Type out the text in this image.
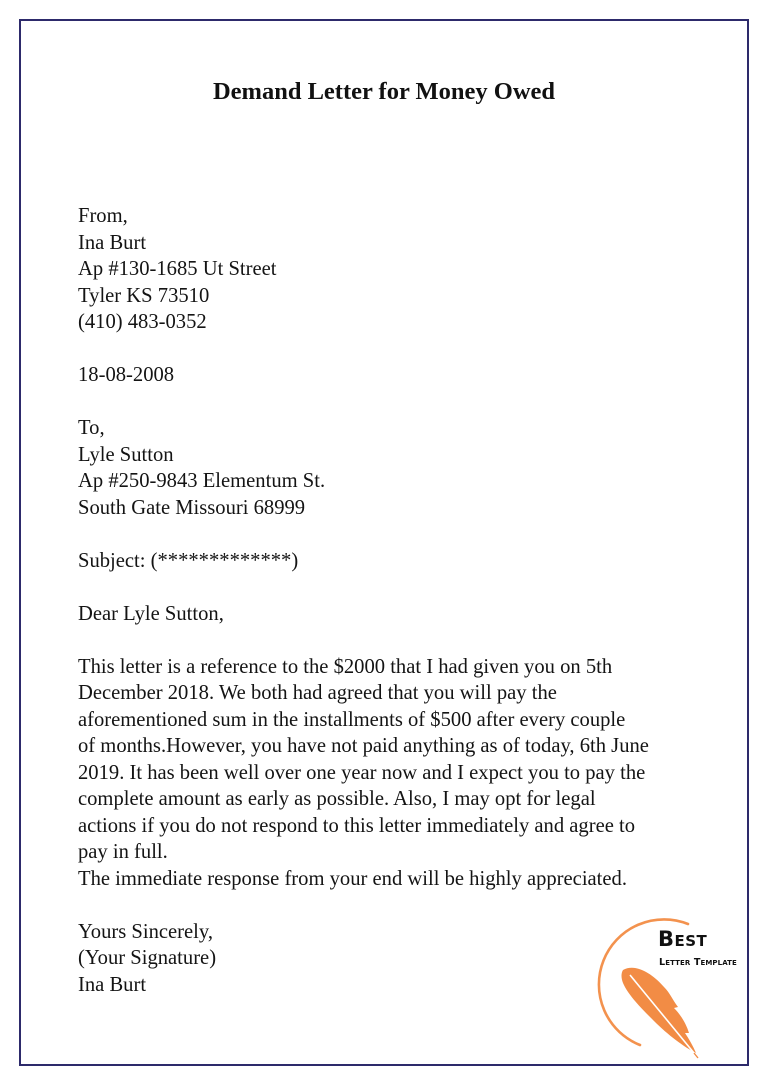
Demand Letter for Money Owed
From,
Ina Burt
Ap #130-1685 Ut Street
Tyler KS 73510
(410) 483-0352
18-08-2008
To,
Lyle Sutton
Ap #250-9843 Elementum St.
South Gate Missouri 68999
Subject: (*************)
Dear Lyle Sutton,
This letter is a reference to the $2000 that I had given you on 5th
December 2018. We both had agreed that you will pay the
aforementioned sum in the installments of $500 after every couple
of months.However, you have not paid anything as of today, 6th June
2019. It has been well over one year now and I expect you to pay the
complete amount as early as possible. Also, I may opt for legal
actions if you do not respond to this letter immediately and agree to
pay in full.
The immediate response from your end will be highly appreciated.
Yours Sincerely,
(Your Signature)
Ina Burt
Best
Letter Template
